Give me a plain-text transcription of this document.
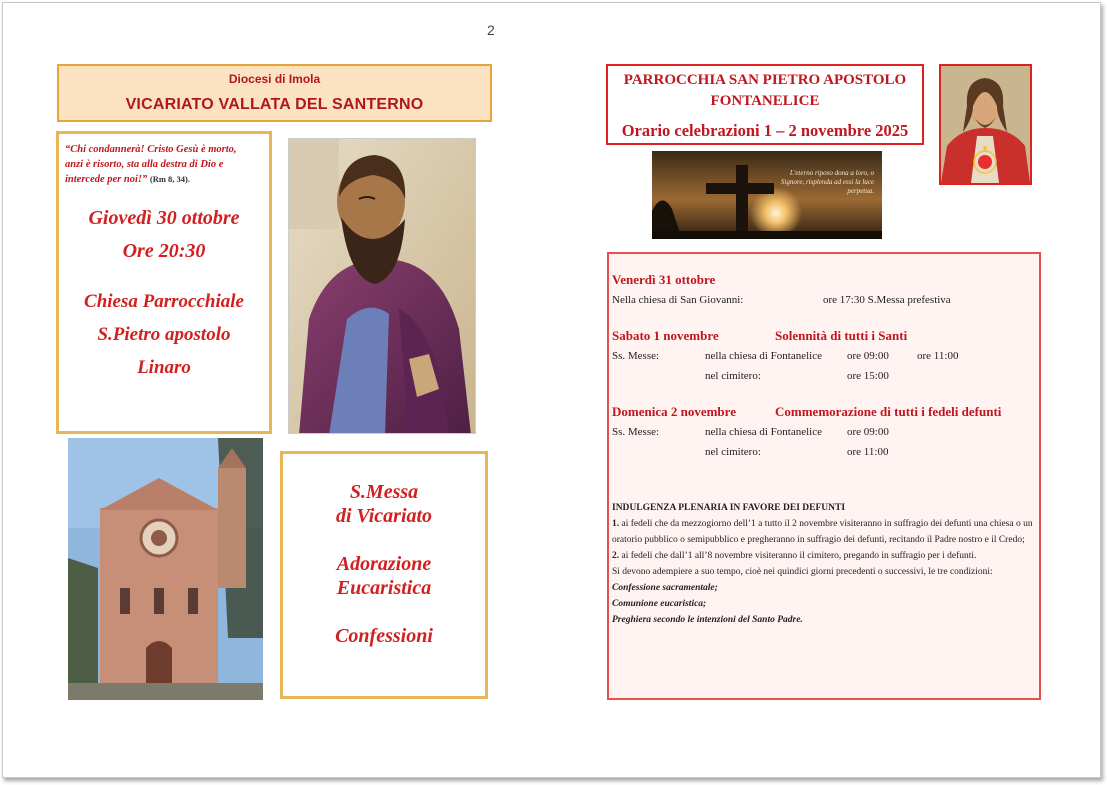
2
Diocesi di Imola
VICARIATO VALLATA DEL SANTERNO
“Chi condannerà! Cristo Gesù è morto,
anzi è risorto, sta alla destra di Dio e
intercede per noi!” (Rm 8, 34).
Giovedì 30 ottobre
Ore 20:30
Chiesa Parrocchiale
S.Pietro apostolo
Linaro
S.Messa
di Vicariato
Adorazione
Eucaristica
Confessioni
PARROCCHIA SAN PIETRO APOSTOLO
FONTANELICE
Orario celebrazioni 1 – 2 novembre 2025
L'eterno riposo dona a loro, o Signore, risplenda ad essi la luce perpetua.
Venerdì 31 ottobre
Nella chiesa di San Giovanni:	ore 17:30 S.Messa prefestiva
Sabato 1 novembre	Solennità di tutti i Santi
Ss. Messe:	nella chiesa di Fontanelice ore 09:00	ore 11:00
nel cimitero:	ore 15:00
Domenica 2 novembre	Commemorazione di tutti i fedeli defunti
Ss. Messe:	nella chiesa di Fontanelice ore 09:00
nel cimitero:	ore 11:00
INDULGENZA PLENARIA IN FAVORE DEI DEFUNTI
1. ai fedeli che da mezzogiorno dell’1 a tutto il 2 novembre visiteranno in suffragio dei defunti una chiesa o un oratorio pubblico o semipubblico e pregheranno in suffragio dei defunti, recitando il Padre nostro e il Credo;
2. ai fedeli che dall’1 all’8 novembre visiteranno il cimitero, pregando in suffragio per i defunti.
Si devono adempiere a suo tempo, cioè nei quindici giorni precedenti o successivi, le tre condizioni:
Confessione sacramentale;
Comunione eucaristica;
Preghiera secondo le intenzioni del Santo Padre.
